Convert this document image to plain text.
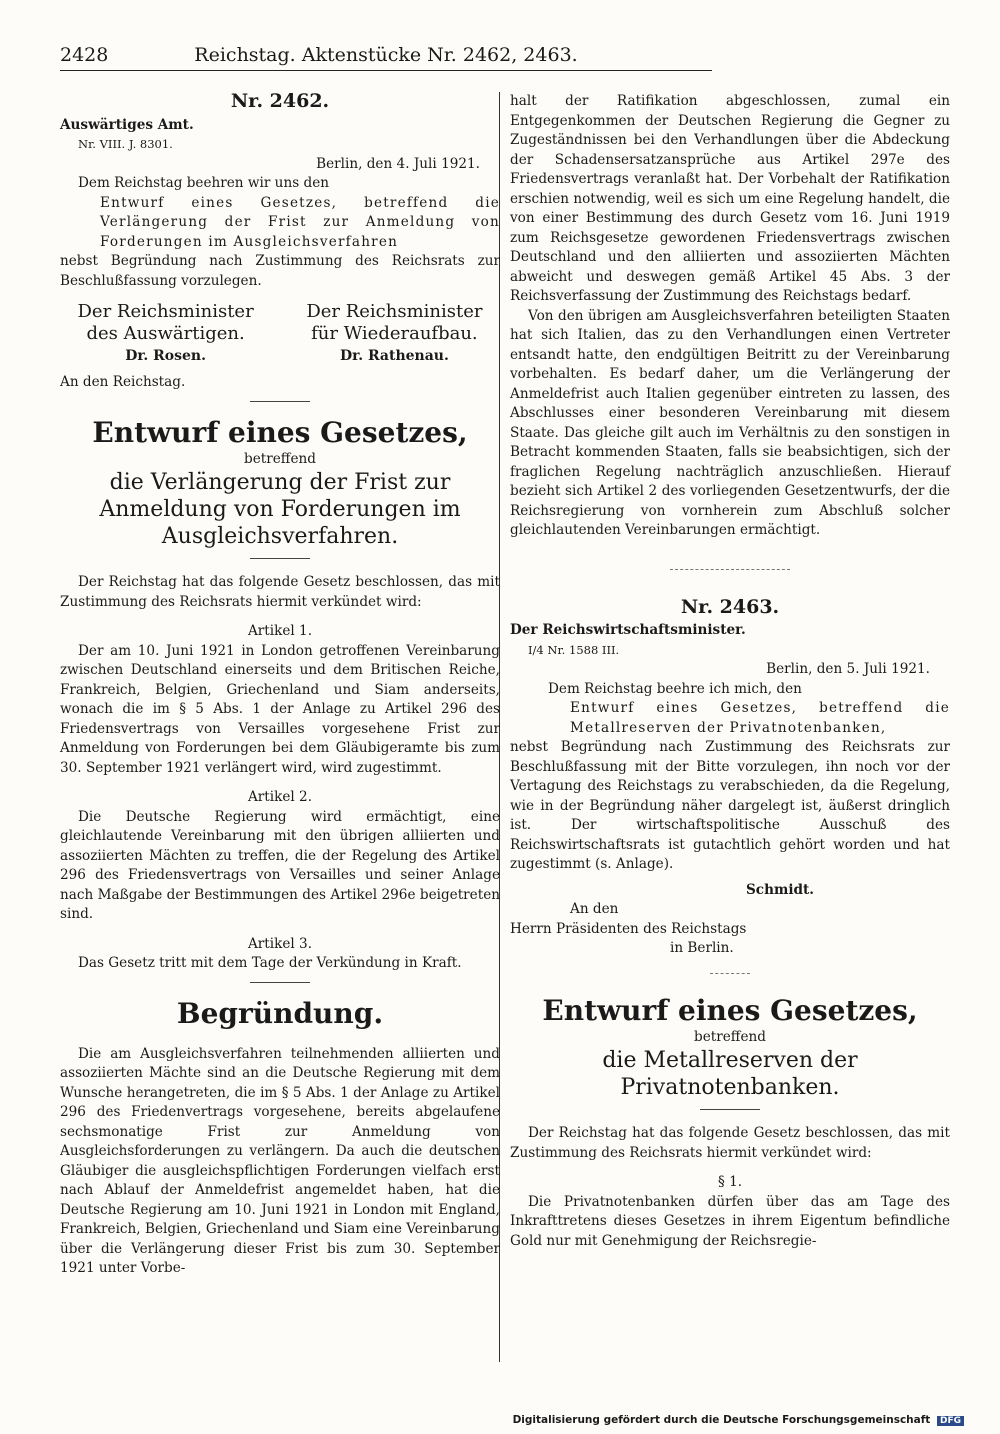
2428	Reichstag. Aktenstücke Nr. 2462, 2463.

Nr. 2462.

Auswärtiges Amt.

Nr. VIII. J. 8301.

Berlin, den 4. Juli 1921.

Dem Reichstag beehren wir uns den

Entwurf eines Gesetzes, betreffend die Verlängerung der Frist zur Anmeldung von Forderungen im Ausgleichsverfahren

nebst Begründung nach Zustimmung des Reichsrats zur Beschlußfassung vorzulegen.

Der Reichsminister
des Auswärtigen.
Dr. Rosen.
Der Reichsminister
für Wiederaufbau.
Dr. Rathenau.

An den Reichstag.

Entwurf eines Gesetzes,

betreffend

die Verlängerung der Frist zur Anmeldung von Forderungen im Ausgleichsverfahren.

Der Reichstag hat das folgende Gesetz beschlossen, das mit Zustimmung des Reichsrats hiermit verkündet wird:

Artikel 1.

Der am 10. Juni 1921 in London getroffenen Vereinbarung zwischen Deutschland einerseits und dem Britischen Reiche, Frankreich, Belgien, Griechenland und Siam anderseits, wonach die im § 5 Abs. 1 der Anlage zu Artikel 296 des Friedensvertrags von Versailles vorgesehene Frist zur Anmeldung von Forderungen bei dem Gläubigeramte bis zum 30. September 1921 verlängert wird, wird zugestimmt.

Artikel 2.

Die Deutsche Regierung wird ermächtigt, eine gleichlautende Vereinbarung mit den übrigen alliierten und assoziierten Mächten zu treffen, die der Regelung des Artikel 296 des Friedensvertrags von Versailles und seiner Anlage nach Maßgabe der Bestimmungen des Artikel 296e beigetreten sind.

Artikel 3.

Das Gesetz tritt mit dem Tage der Verkündung in Kraft.

Begründung.

Die am Ausgleichsverfahren teilnehmenden alliierten und assoziierten Mächte sind an die Deutsche Regierung mit dem Wunsche herangetreten, die im § 5 Abs. 1 der Anlage zu Artikel 296 des Friedenvertrags vorgesehene, bereits abgelaufene sechsmonatige Frist zur Anmeldung von Ausgleichsforderungen zu verlängern. Da auch die deutschen Gläubiger die ausgleichspflichtigen Forderungen vielfach erst nach Ablauf der Anmeldefrist angemeldet haben, hat die Deutsche Regierung am 10. Juni 1921 in London mit England, Frankreich, Belgien, Griechenland und Siam eine Vereinbarung über die Verlängerung dieser Frist bis zum 30. September 1921 unter Vorbe-

halt der Ratifikation abgeschlossen, zumal ein Entgegenkommen der Deutschen Regierung die Gegner zu Zugeständnissen bei den Verhandlungen über die Abdeckung der Schadensersatzansprüche aus Artikel 297e des Friedensvertrags veranlaßt hat. Der Vorbehalt der Ratifikation erschien notwendig, weil es sich um eine Regelung handelt, die von einer Bestimmung des durch Gesetz vom 16. Juni 1919 zum Reichsgesetze gewordenen Friedensvertrags zwischen Deutschland und den alliierten und assoziierten Mächten abweicht und deswegen gemäß Artikel 45 Abs. 3 der Reichsverfassung der Zustimmung des Reichstags bedarf.

Von den übrigen am Ausgleichsverfahren beteiligten Staaten hat sich Italien, das zu den Verhandlungen einen Vertreter entsandt hatte, den endgültigen Beitritt zu der Vereinbarung vorbehalten. Es bedarf daher, um die Verlängerung der Anmeldefrist auch Italien gegenüber eintreten zu lassen, des Abschlusses einer besonderen Vereinbarung mit diesem Staate. Das gleiche gilt auch im Verhältnis zu den sonstigen in Betracht kommenden Staaten, falls sie beabsichtigen, sich der fraglichen Regelung nachträglich anzuschließen. Hierauf bezieht sich Artikel 2 des vorliegenden Gesetzentwurfs, der die Reichsregierung von vornherein zum Abschluß solcher gleichlautenden Vereinbarungen ermächtigt.

Nr. 2463.

Der Reichswirtschaftsminister.

I/4 Nr. 1588 III.

Berlin, den 5. Juli 1921.

Dem Reichstag beehre ich mich, den

Entwurf eines Gesetzes, betreffend die Metallreserven der Privatnotenbanken,

nebst Begründung nach Zustimmung des Reichsrats zur Beschlußfassung mit der Bitte vorzulegen, ihn noch vor der Vertagung des Reichstags zu verabschieden, da die Regelung, wie in der Begründung näher dargelegt ist, äußerst dringlich ist. Der wirtschaftspolitische Ausschuß des Reichswirtschaftsrats ist gutachtlich gehört worden und hat zugestimmt (s. Anlage).

Schmidt.

An den

Herrn Präsidenten des Reichstags

in Berlin.

Entwurf eines Gesetzes,

betreffend

die Metallreserven der Privatnotenbanken.

Der Reichstag hat das folgende Gesetz beschlossen, das mit Zustimmung des Reichsrats hiermit verkündet wird:

§ 1.

Die Privatnotenbanken dürfen über das am Tage des Inkrafttretens dieses Gesetzes in ihrem Eigentum befindliche Gold nur mit Genehmigung der Reichsregie-

Digitalisierung gefördert durch die Deutsche Forschungsgemeinschaft DFG
